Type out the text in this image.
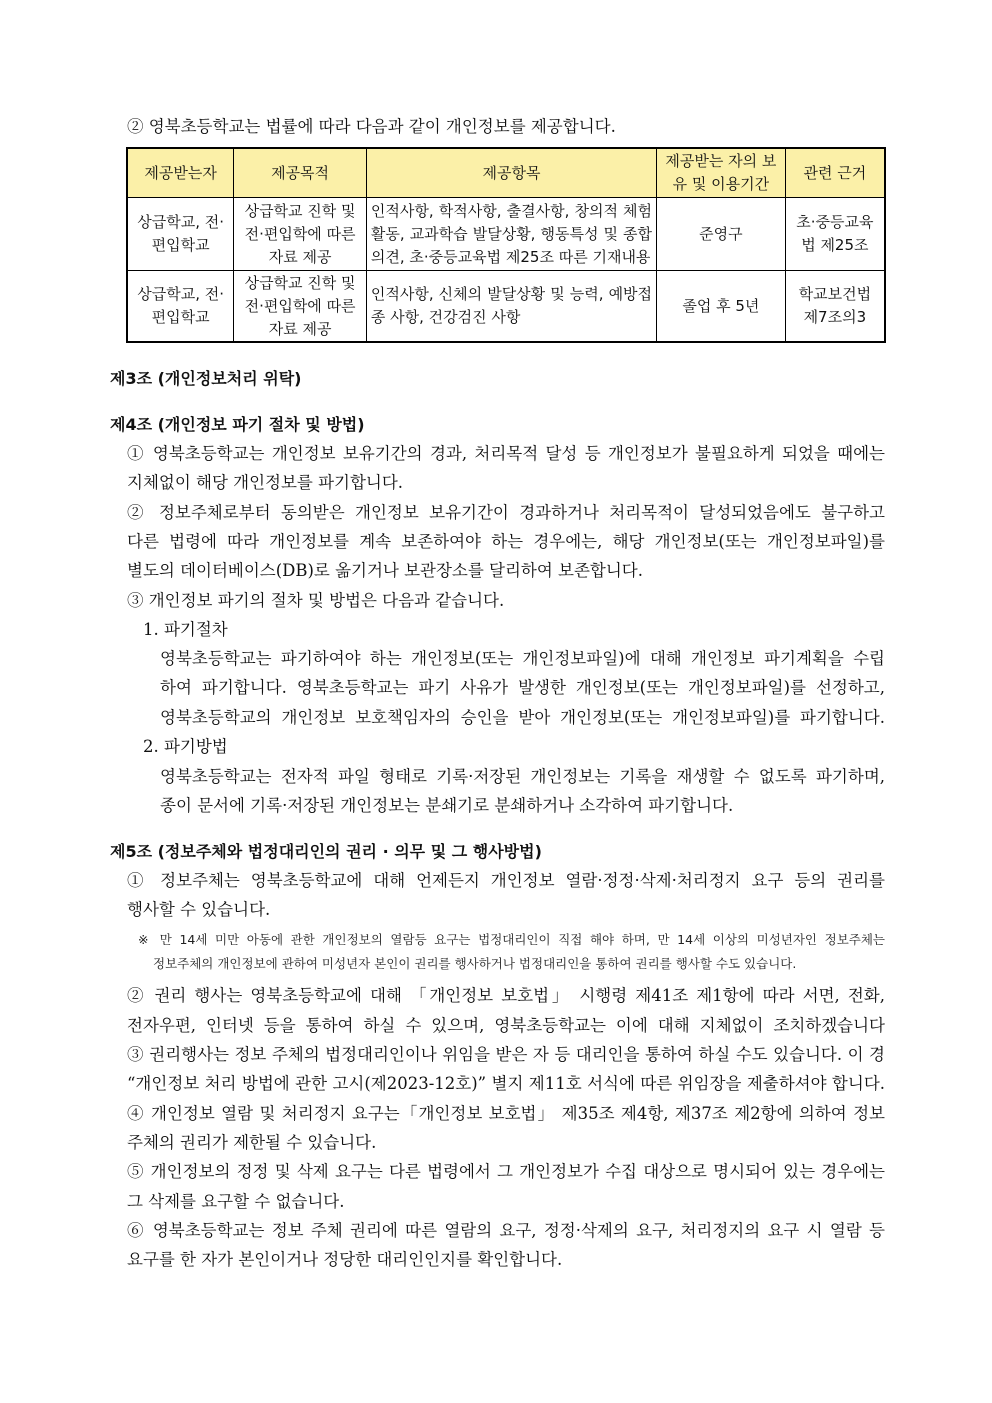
② 영북초등학교는 법률에 따라 다음과 같이 개인정보를 제공합니다.
제공받는자	제공목적	제공항목	제공받는 자의 보유 및 이용기간	관련 근거
상급학교, 전·편입학교	상급학교 진학 및 전·편입학에 따른 자료 제공	인적사항, 학적사항, 출결사항, 창의적 체험활동, 교과학습 발달상황, 행동특성 및 종합의견, 초·중등교육법 제25조 따른 기재내용	준영구	초·중등교육법 제25조
상급학교, 전·편입학교	상급학교 진학 및 전·편입학에 따른 자료 제공	인적사항, 신체의 발달상황 및 능력, 예방접종 사항, 건강검진 사항	졸업 후 5년	학교보건법 제7조의3
제3조 (개인정보처리 위탁)
제4조 (개인정보 파기 절차 및 방법)
제5조 (정보주체와 법정대리인의 권리 · 의무 및 그 행사방법)
① 영북초등학교는 개인정보 보유기간의 경과, 처리목적 달성 등 개인정보가 불필요하게 되었을 때에는
지체없이 해당 개인정보를 파기합니다.
② 정보주체로부터 동의받은 개인정보 보유기간이 경과하거나 처리목적이 달성되었음에도 불구하고
다른 법령에 따라 개인정보를 계속 보존하여야 하는 경우에는, 해당 개인정보(또는 개인정보파일)를
별도의 데이터베이스(DB)로 옮기거나 보관장소를 달리하여 보존합니다.
③ 개인정보 파기의 절차 및 방법은 다음과 같습니다.
1. 파기절차
영북초등학교는 파기하여야 하는 개인정보(또는 개인정보파일)에 대해 개인정보 파기계획을 수립
하여 파기합니다. 영북초등학교는 파기 사유가 발생한 개인정보(또는 개인정보파일)를 선정하고,
영북초등학교의 개인정보 보호책임자의 승인을 받아 개인정보(또는 개인정보파일)를 파기합니다.
2. 파기방법
영북초등학교는 전자적 파일 형태로 기록·저장된 개인정보는 기록을 재생할 수 없도록 파기하며,
종이 문서에 기록·저장된 개인정보는 분쇄기로 분쇄하거나 소각하여 파기합니다.
① 정보주체는 영북초등학교에 대해 언제든지 개인정보 열람·정정·삭제·처리정지 요구 등의 권리를
행사할 수 있습니다.
※ 만 14세 미만 아동에 관한 개인정보의 열람등 요구는 법정대리인이 직접 해야 하며, 만 14세 이상의 미성년자인 정보주체는
정보주체의 개인정보에 관하여 미성년자 본인이 권리를 행사하거나 법정대리인을 통하여 권리를 행사할 수도 있습니다.
② 권리 행사는 영북초등학교에 대해 「개인정보 보호법」 시행령 제41조 제1항에 따라 서면, 전화,
전자우편, 인터넷 등을 통하여 하실 수 있으며, 영북초등학교는 이에 대해 지체없이 조치하겠습니다
③ 권리행사는 정보 주체의 법정대리인이나 위임을 받은 자 등 대리인을 통하여 하실 수도 있습니다. 이 경
“개인정보 처리 방법에 관한 고시(제2023-12호)” 별지 제11호 서식에 따른 위임장을 제출하셔야 합니다.
④ 개인정보 열람 및 처리정지 요구는「개인정보 보호법」 제35조 제4항, 제37조 제2항에 의하여 정보
주체의 권리가 제한될 수 있습니다.
⑤ 개인정보의 정정 및 삭제 요구는 다른 법령에서 그 개인정보가 수집 대상으로 명시되어 있는 경우에는
그 삭제를 요구할 수 없습니다.
⑥ 영북초등학교는 정보 주체 권리에 따른 열람의 요구, 정정·삭제의 요구, 처리정지의 요구 시 열람 등
요구를 한 자가 본인이거나 정당한 대리인인지를 확인합니다.
